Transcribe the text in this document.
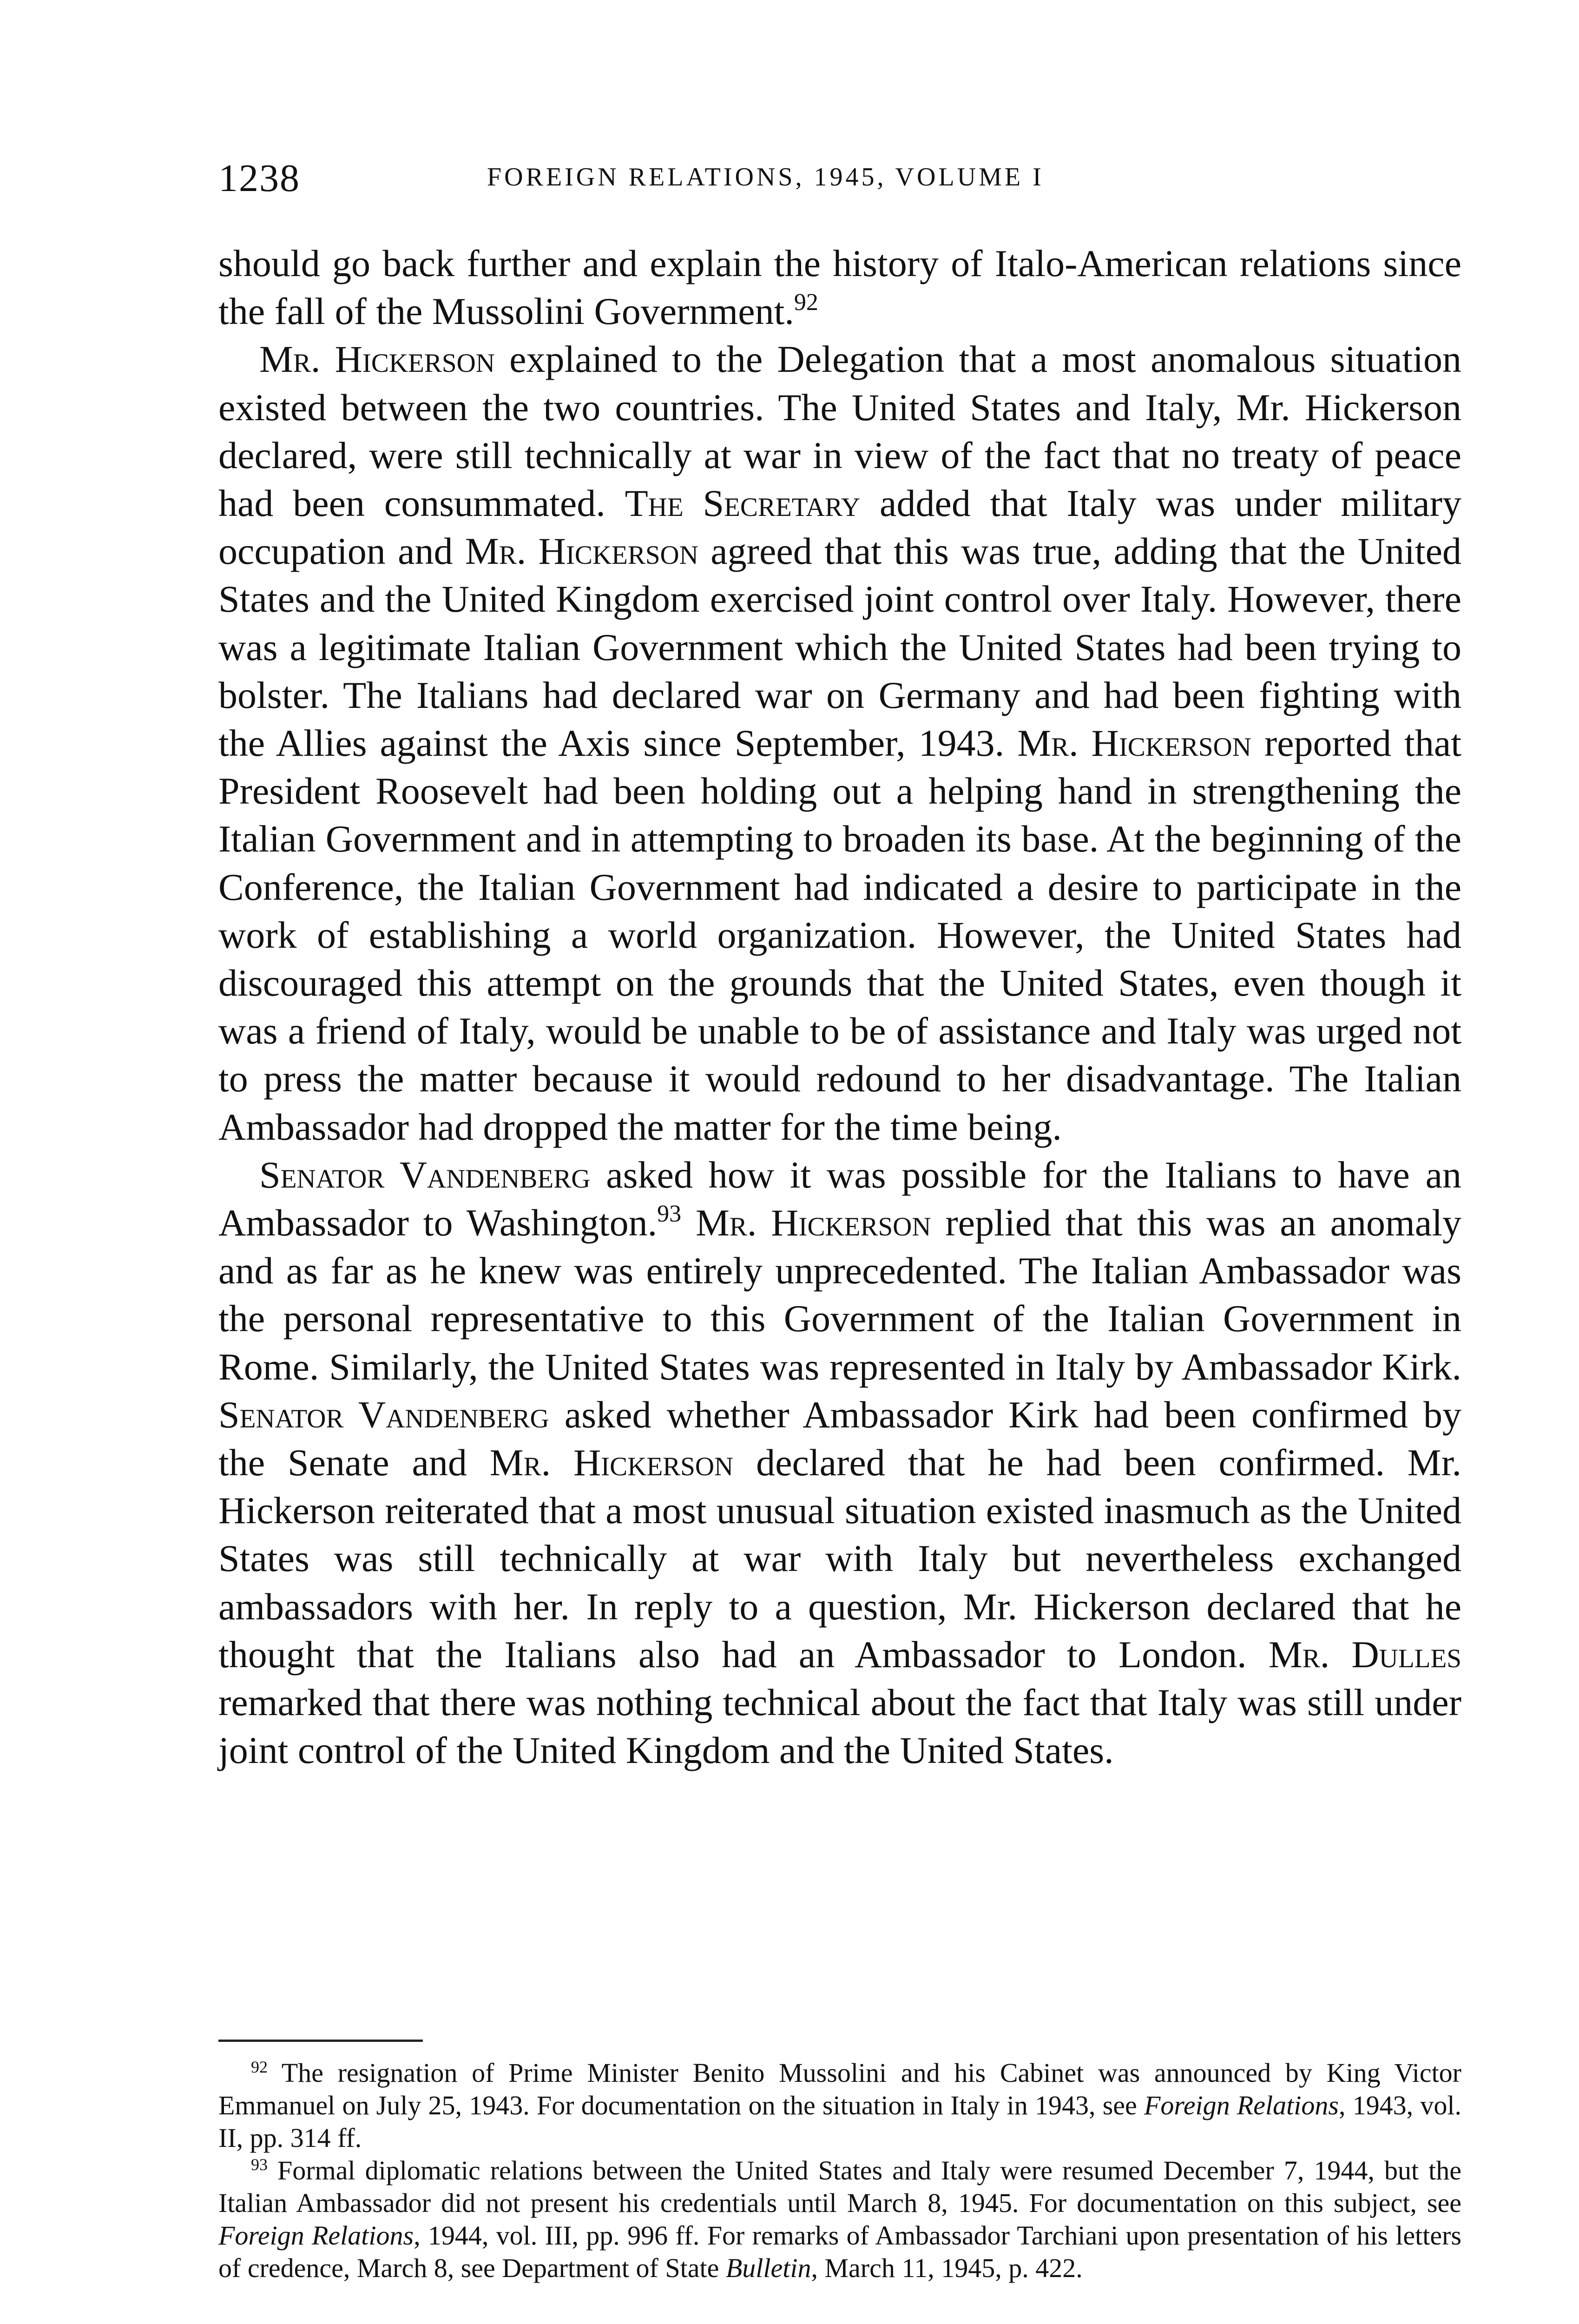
1238	FOREIGN RELATIONS, 1945, VOLUME I

should go back further and explain the history of Italo-American relations since the fall of the Mussolini Government.$^{92}$

Mr. Hickerson explained to the Delegation that a most anomalous situation existed between the two countries. The United States and Italy, Mr. Hickerson declared, were still technically at war in view of the fact that no treaty of peace had been consummated. The Secretary added that Italy was under military occupation and Mr. Hickerson agreed that this was true, adding that the United States and the United Kingdom exercised joint control over Italy. However, there was a legitimate Italian Government which the United States had been trying to bolster. The Italians had declared war on Germany and had been fighting with the Allies against the Axis since September, 1943. Mr. Hickerson reported that President Roosevelt had been holding out a helping hand in strengthening the Italian Government and in attempting to broaden its base. At the beginning of the Conference, the Italian Government had indicated a desire to participate in the work of establishing a world organization. However, the United States had discouraged this attempt on the grounds that the United States, even though it was a friend of Italy, would be unable to be of assistance and Italy was urged not to press the matter because it would redound to her disadvantage. The Italian Ambassador had dropped the matter for the time being.

Senator Vandenberg asked how it was possible for the Italians to have an Ambassador to Washington.$^{93}$ Mr. Hickerson replied that this was an anomaly and as far as he knew was entirely unprecedented. The Italian Ambassador was the personal representative to this Government of the Italian Government in Rome. Similarly, the United States was represented in Italy by Ambassador Kirk. Senator Vandenberg asked whether Ambassador Kirk had been confirmed by the Senate and Mr. Hickerson declared that he had been confirmed. Mr. Hickerson reiterated that a most unusual situation existed inasmuch as the United States was still technically at war with Italy but nevertheless exchanged ambassadors with her. In reply to a question, Mr. Hickerson declared that he thought that the Italians also had an Ambassador to London. Mr. Dulles remarked that there was nothing technical about the fact that Italy was still under joint control of the United Kingdom and the United States.

$^{92}$ The resignation of Prime Minister Benito Mussolini and his Cabinet was announced by King Victor Emmanuel on July 25, 1943. For documentation on the situation in Italy in 1943, see Foreign Relations, 1943, vol. II, pp. 314 ff.

$^{93}$ Formal diplomatic relations between the United States and Italy were resumed December 7, 1944, but the Italian Ambassador did not present his credentials until March 8, 1945. For documentation on this subject, see Foreign Relations, 1944, vol. III, pp. 996 ff. For remarks of Ambassador Tarchiani upon presentation of his letters of credence, March 8, see Department of State Bulletin, March 11, 1945, p. 422.
